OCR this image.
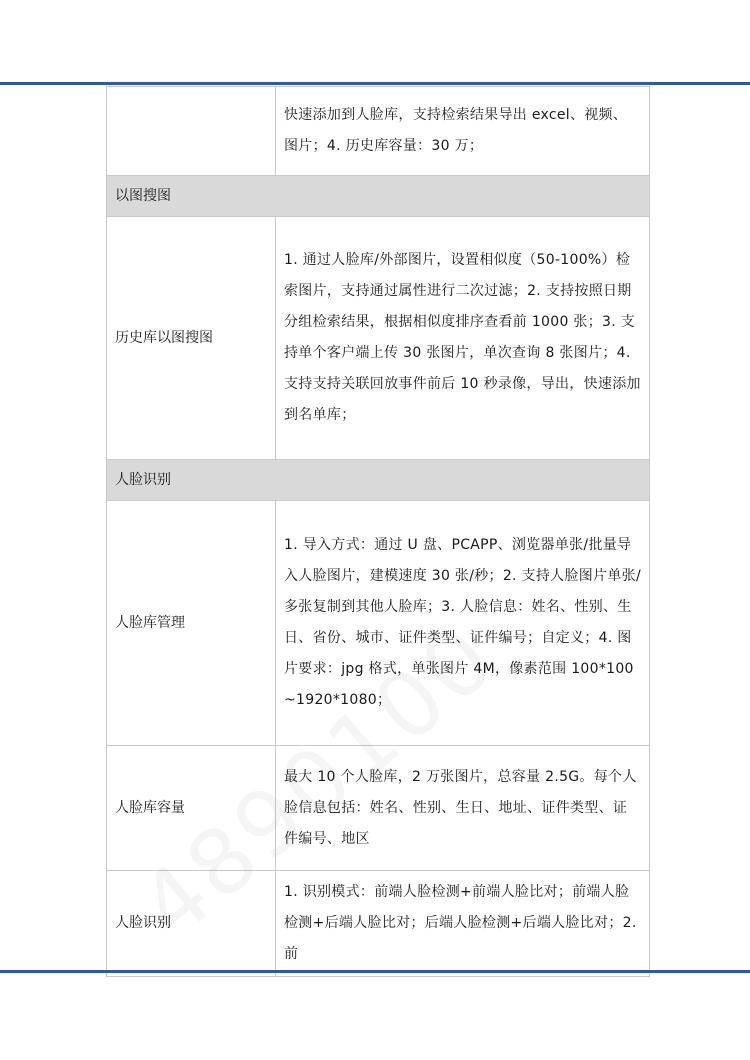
	快速添加到人脸库，支持检索结果导出 excel、视频、图片；4. 历史库容量：30 万；
以图搜图	
历史库以图搜图	1. 通过人脸库/外部图片，设置相似度（50-100%）检索图片，支持通过属性进行二次过滤；2. 支持按照日期分组检索结果，根据相似度排序查看前 1000 张；3. 支持单个客户端上传 30 张图片，单次查询 8 张图片；4. 支持支持关联回放事件前后 10 秒录像，导出，快速添加到名单库；
人脸识别	
人脸库管理	1. 导入方式：通过 U 盘、PCAPP、浏览器单张/批量导入人脸图片，建模速度 30 张/秒；2. 支持人脸图片单张/多张复制到其他人脸库；3. 人脸信息：姓名、性别、生 日、省份、城市、证件类型、证件编号；自定义；4. 图片要求：jpg 格式，单张图片 4M，像素范围 100*100~1920*1080；
人脸库容量	最大 10 个人脸库，2 万张图片，总容量 2.5G。每个人脸信息包括：姓名、性别、生日、地址、证件类型、证件编号、地区
人脸识别	1. 识别模式：前端人脸检测+前端人脸比对；前端人脸检测+后端人脸比对；后端人脸检测+后端人脸比对；2. 前
